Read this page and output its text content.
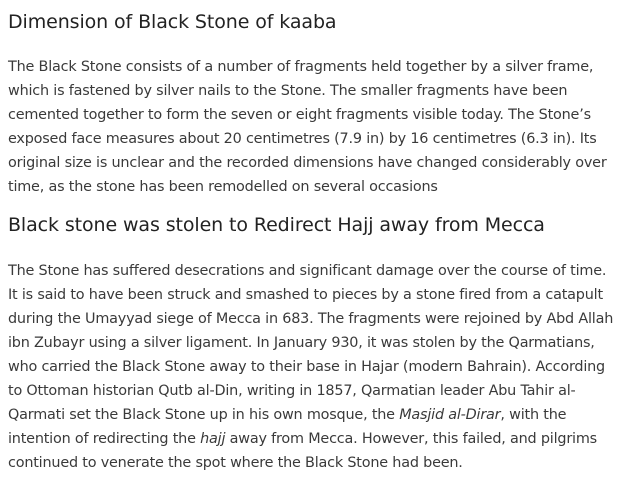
Dimension of Black Stone of kaaba

The Black Stone consists of a number of fragments held together by a silver frame, which is fastened by silver nails to the Stone. The smaller fragments have been cemented together to form the seven or eight fragments visible today. The Stone’s exposed face measures about 20 centimetres (7.9 in) by 16 centimetres (6.3 in). Its original size is unclear and the recorded dimensions have changed considerably over time, as the stone has been remodelled on several occasions

Black stone was stolen to Redirect Hajj away from Mecca

The Stone has suffered desecrations and significant damage over the course of time. It is said to have been struck and smashed to pieces by a stone fired from a catapult during the Umayyad siege of Mecca in 683. The fragments were rejoined by Abd Allah ibn Zubayr using a silver ligament. In January 930, it was stolen by the Qarmatians, who carried the Black Stone away to their base in Hajar (modern Bahrain). According to Ottoman historian Qutb al-Din, writing in 1857, Qarmatian leader Abu Tahir al-Qarmati set the Black Stone up in his own mosque, the Masjid al-Dirar, with the intention of redirecting the hajj away from Mecca. However, this failed, and pilgrims continued to venerate the spot where the Black Stone had been.
